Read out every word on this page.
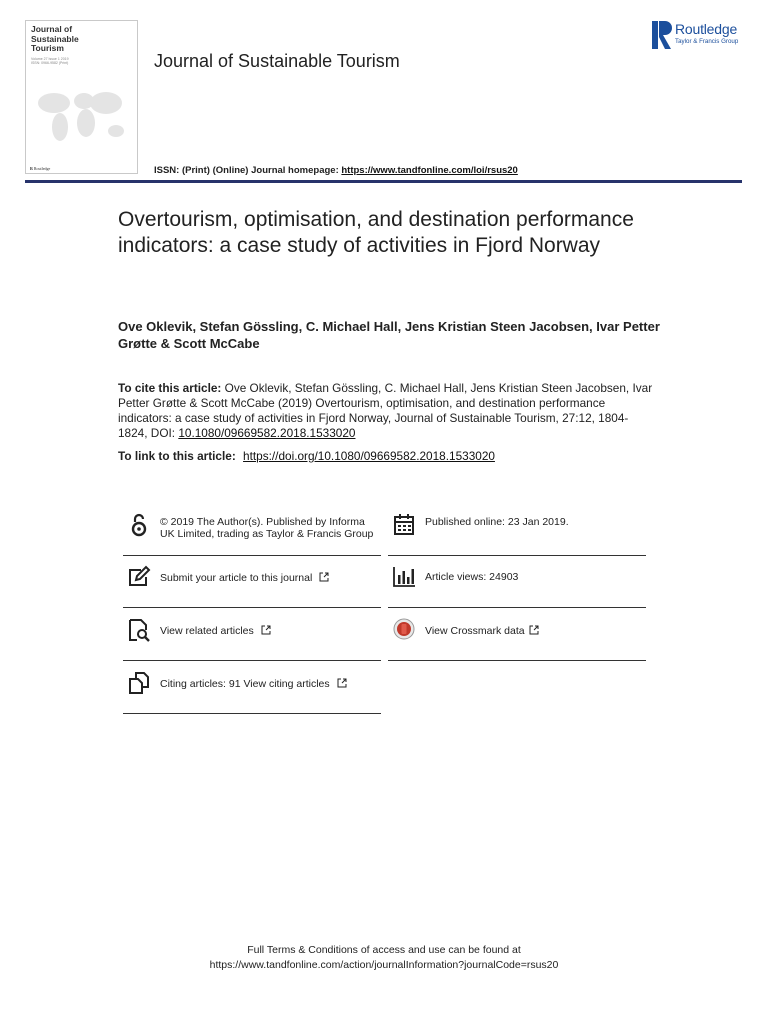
Journal of
Sustainable
Tourism
Volume 27 Issue 1 2019
ISSN: 0966-9582 (Print)
R Routledge
Journal of Sustainable Tourism
Routledge
Taylor & Francis Group
ISSN: (Print) (Online) Journal homepage: https://www.tandfonline.com/loi/rsus20
Overtourism, optimisation, and destination performance indicators: a case study of activities in Fjord Norway
Ove Oklevik, Stefan Gössling, C. Michael Hall, Jens Kristian Steen Jacobsen, Ivar Petter Grøtte & Scott McCabe
To cite this article: Ove Oklevik, Stefan Gössling, C. Michael Hall, Jens Kristian Steen Jacobsen, Ivar Petter Grøtte & Scott McCabe (2019) Overtourism, optimisation, and destination performance indicators: a case study of activities in Fjord Norway, Journal of Sustainable Tourism, 27:12, 1804-1824, DOI: 10.1080/09669582.2018.1533020
To link to this article: https://doi.org/10.1080/09669582.2018.1533020
© 2019 The Author(s). Published by Informa UK Limited, trading as Taylor & Francis Group
Published online: 23 Jan 2019.
Submit your article to this journal	Article views: 24903
View related articles	View Crossmark data
Citing articles: 91 View citing articles
Full Terms & Conditions of access and use can be found at
https://www.tandfonline.com/action/journalInformation?journalCode=rsus20
